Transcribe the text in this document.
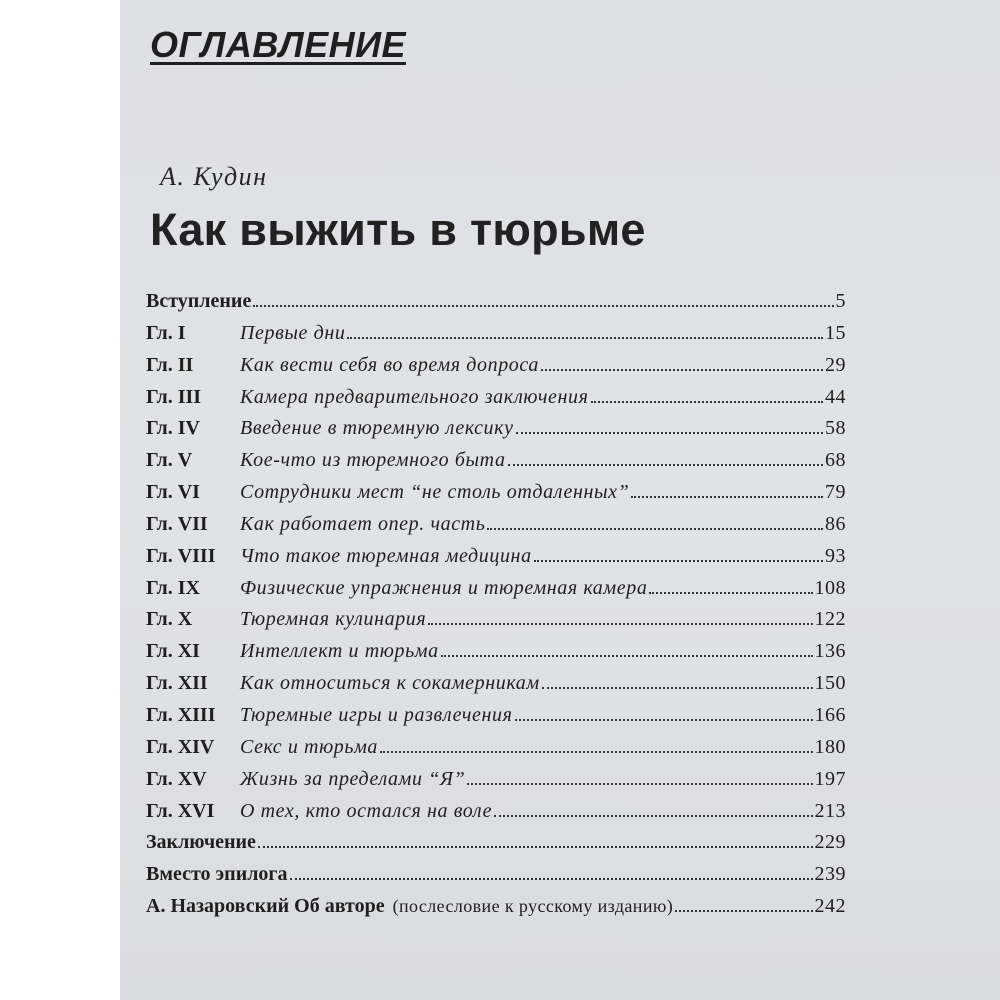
ОГЛАВЛЕНИЕ
А. Кудин
Как выжить в тюрьме
Вступление	5
Гл. I	Первые дни	15
Гл. II	Как вести себя во время допроса	29
Гл. III	Камера предварительного заключения	44
Гл. IV	Введение в тюремную лексику	58
Гл. V	Кое-что из тюремного быта	68
Гл. VI	Сотрудники мест “не столь отдаленных”	79
Гл. VII	Как работает опер. часть	86
Гл. VIII	Что такое тюремная медицина	93
Гл. IX	Физические упражнения и тюремная камера	108
Гл. X	Тюремная кулинария	122
Гл. XI	Интеллект и тюрьма	136
Гл. XII	Как относиться к сокамерникам	150
Гл. XIII	Тюремные игры и развлечения	166
Гл. XIV	Секс и тюрьма	180
Гл. XV	Жизнь за пределами “Я”	197
Гл. XVI	О тех, кто остался на воле	213
Заключение	229
Вместо эпилога	239
А. Назаровский Об авторе (послесловие к русскому изданию)	242
